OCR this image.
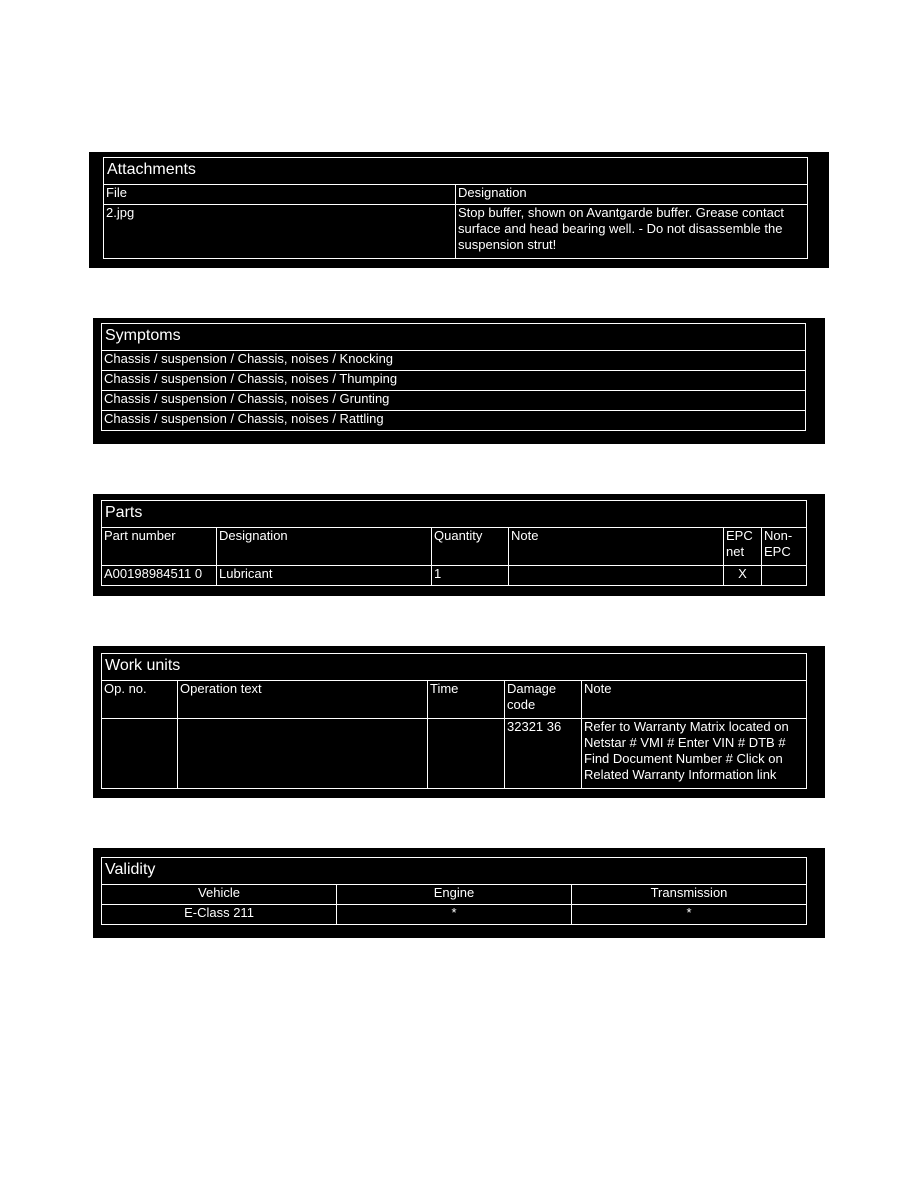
Attachments	
File	Designation
2.jpg	Stop buffer, shown on Avantgarde buffer. Grease contact surface and head bearing well. - Do not disassemble the suspension strut!
Symptoms
Chassis / suspension / Chassis, noises / Knocking
Chassis / suspension / Chassis, noises / Thumping
Chassis / suspension / Chassis, noises / Grunting
Chassis / suspension / Chassis, noises / Rattling
Parts					
Part number	Designation	Quantity	Note	EPC net	Non-EPC
A00198984511 0	Lubricant	1		X	
Work units				
Op. no.	Operation text	Time	Damage code	Note
			32321 36	Refer to Warranty Matrix located on Netstar # VMI # Enter VIN # DTB # Find Document Number # Click on Related Warranty Information link
Validity		
Vehicle	Engine	Transmission
E-Class 211	*	*
